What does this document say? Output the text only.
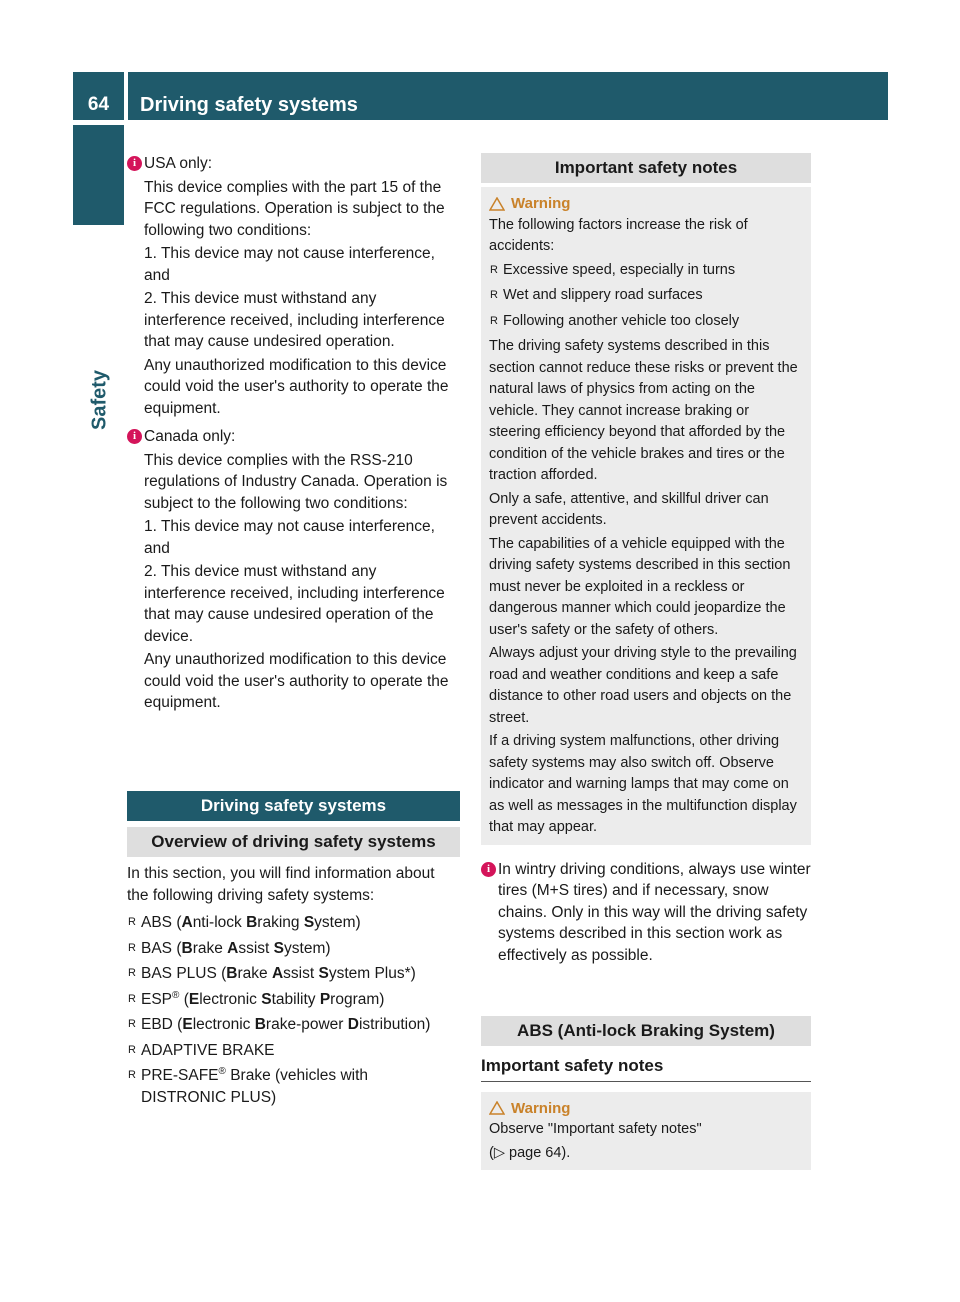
64	Driving safety systems
Safety
i USA only:

This device complies with the part 15 of the FCC regulations. Operation is subject to the following two conditions:

1. This device may not cause interference, and

2. This device must withstand any interference received, including interference that may cause undesired operation.

Any unauthorized modification to this device could void the user's authority to operate the equipment.

i Canada only:

This device complies with the RSS-210 regulations of Industry Canada. Operation is subject to the following two conditions:

1. This device may not cause interference, and

2. This device must withstand any interference received, including interference that may cause undesired operation of the device.

Any unauthorized modification to this device could void the user's authority to operate the equipment.

Driving safety systems
Overview of driving safety systems

In this section, you will find information about the following driving safety systems:

R ABS (Anti-lock Braking System)
R BAS (Brake Assist System)
R BAS PLUS (Brake Assist System Plus*)
R ESP® (Electronic Stability Program)
R EBD (Electronic Brake-power Distribution)
R ADAPTIVE BRAKE
R PRE-SAFE® Brake (vehicles with
DISTRONIC PLUS)
Important safety notes
Warning

The following factors increase the risk of accidents:

R Excessive speed, especially in turns
R Wet and slippery road surfaces
R Following another vehicle too closely

The driving safety systems described in this section cannot reduce these risks or prevent the natural laws of physics from acting on the vehicle. They cannot increase braking or steering efficiency beyond that afforded by the condition of the vehicle brakes and tires or the traction afforded.

Only a safe, attentive, and skillful driver can prevent accidents.

The capabilities of a vehicle equipped with the driving safety systems described in this section must never be exploited in a reckless or dangerous manner which could jeopardize the user's safety or the safety of others.

Always adjust your driving style to the prevailing road and weather conditions and keep a safe distance to other road users and objects on the street.

If a driving system malfunctions, other driving safety systems may also switch off. Observe indicator and warning lamps that may come on as well as messages in the multifunction display that may appear.

i In wintry driving conditions, always use winter tires (M+S tires) and if necessary, snow chains. Only in this way will the driving safety systems described in this section work as effectively as possible.

ABS (Anti-lock Braking System)
Important safety notes
Warning

Observe "Important safety notes"

(▷ page 64).
